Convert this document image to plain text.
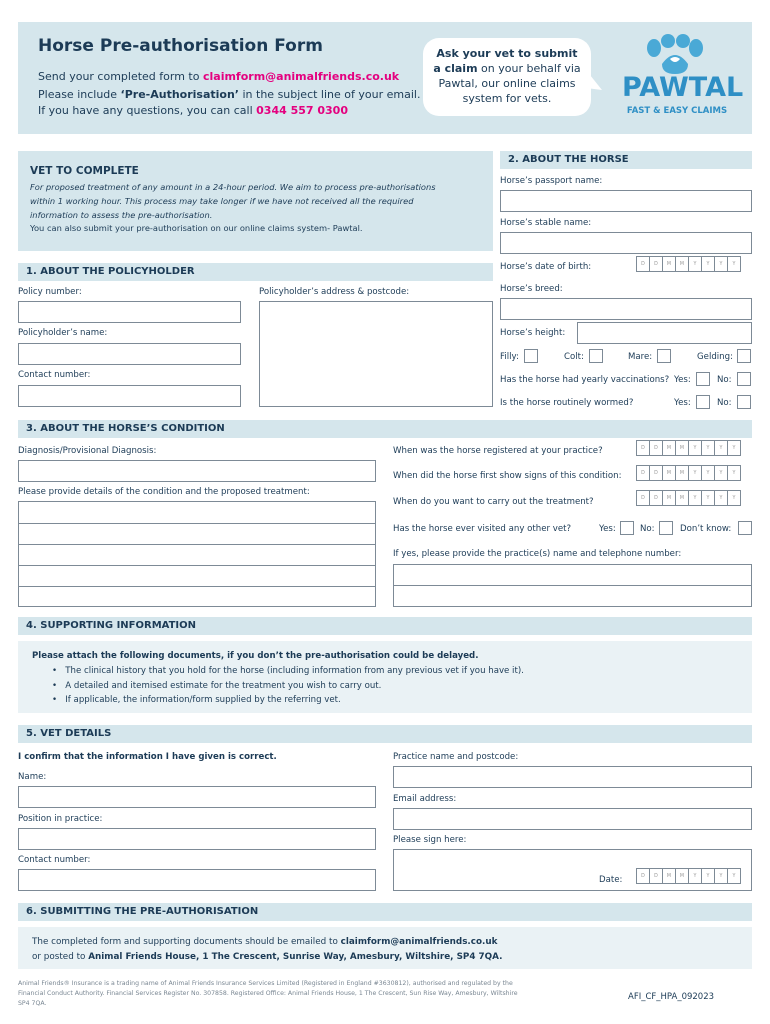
Horse Pre-authorisation Form
Send your completed form to claimform@animalfriends.co.uk
Please include ‘Pre-Authorisation’ in the subject line of your email.
If you have any questions, you can call 0344 557 0300
Ask your vet to submit
a claim on your behalf via
Pawtal, our online claims
system for vets.	PAWTAL
FAST & EASY CLAIMS
VET TO COMPLETE
For proposed treatment of any amount in a 24-hour period. We aim to process pre-authorisations
within 1 working hour. This process may take longer if we have not received all the required
information to assess the pre-authorisation.
You can also submit your pre-authorisation on our online claims system- Pawtal.
1. ABOUT THE POLICYHOLDER
Policy number:	Policyholder’s address & postcode:
Policyholder’s name:
Contact number:
2. ABOUT THE HORSE
Horse’s passport name:
Horse’s stable name:
Horse’s date of birth:	D	D	M	M	Y	Y	Y	Y
Horse’s breed:
Horse’s height:
Filly:	Colt:	Mare:	Gelding:
Has the horse had yearly vaccinations? Yes:	No:
Is the horse routinely wormed?	Yes:	No:
3. ABOUT THE HORSE’S CONDITION
Diagnosis/Provisional Diagnosis:
Please provide details of the condition and the proposed treatment:
When was the horse registered at your practice?	D	D	M	M	Y	Y	Y	Y
When did the horse first show signs of this condition:	D	D	M	M	Y	Y	Y	Y
When do you want to carry out the treatment?	D	D	M	M	Y	Y	Y	Y
Has the horse ever visited any other vet?	Yes:	No:	Don’t know:
If yes, please provide the practice(s) name and telephone number:
4. SUPPORTING INFORMATION
Please attach the following documents, if you don’t the pre-authorisation could be delayed.
•   The clinical history that you hold for the horse (including information from any previous vet if you have it).
•   A detailed and itemised estimate for the treatment you wish to carry out.
•   If applicable, the information/form supplied by the referring vet.
5. VET DETAILS
I confirm that the information I have given is correct.
Name:
Position in practice:
Contact number:
Practice name and postcode:
Email address:
Please sign here:
Date:	D	D	M	M	Y	Y	Y	Y
6. SUBMITTING THE PRE-AUTHORISATION
The completed form and supporting documents should be emailed to claimform@animalfriends.co.uk
or posted to Animal Friends House, 1 The Crescent, Sunrise Way, Amesbury, Wiltshire, SP4 7QA.
Animal Friends® Insurance is a trading name of Animal Friends Insurance Services Limited (Registered in England #3630812), authorised and regulated by the
Financial Conduct Authority. Financial Services Register No. 307858. Registered Office: Animal Friends House, 1 The Crescent, Sun Rise Way, Amesbury, Wiltshire
SP4 7QA.
AFI_CF_HPA_092023
